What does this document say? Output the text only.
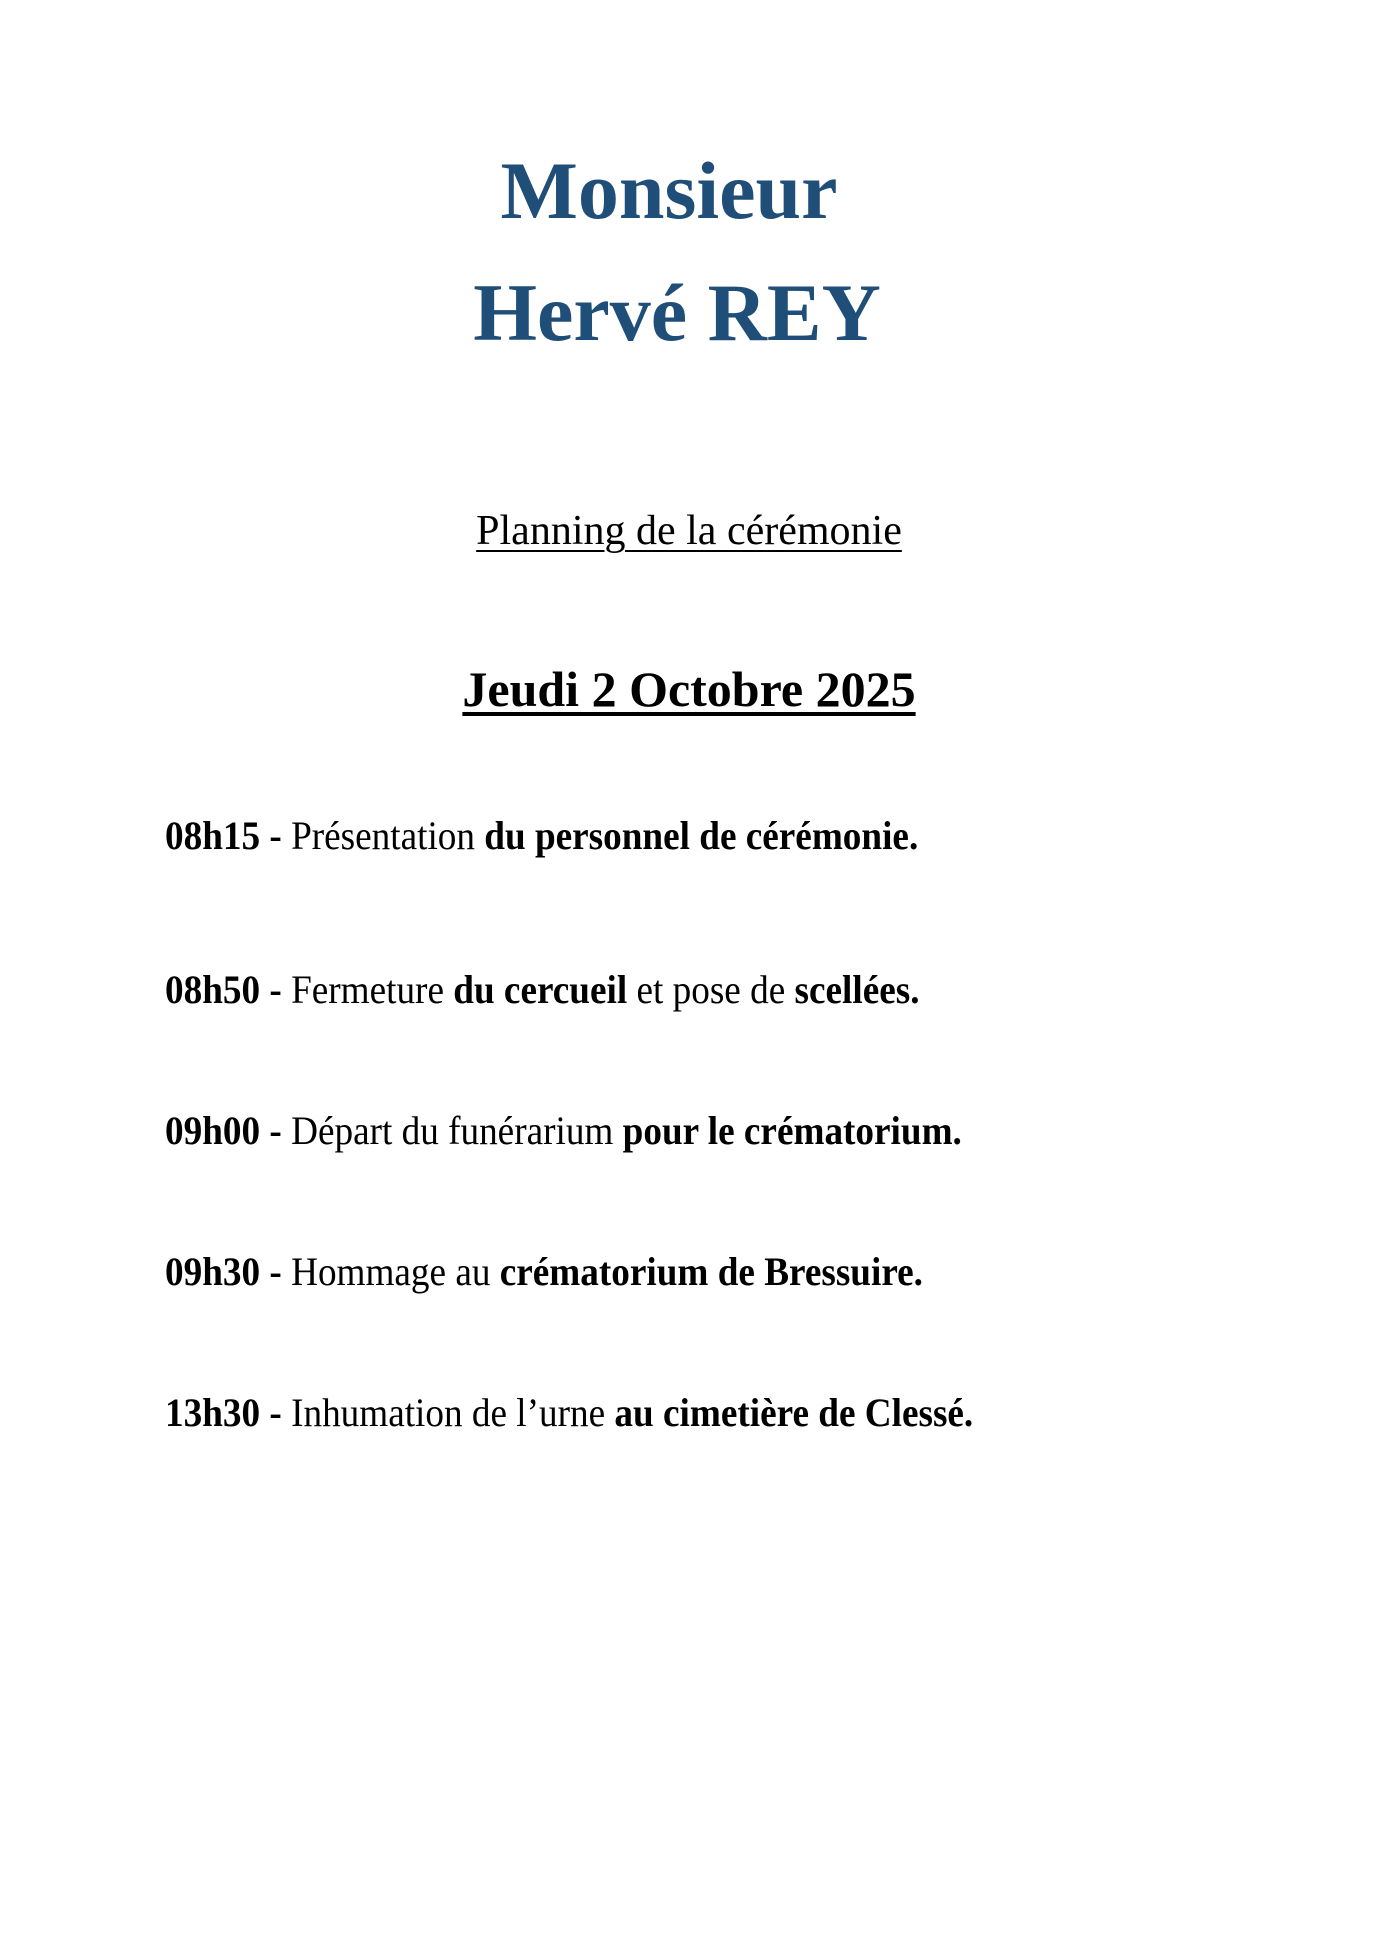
Monsieur
Hervé REY
Planning de la cérémonie
Jeudi 2 Octobre 2025
08h15 - Présentation du personnel de cérémonie.
08h50 - Fermeture du cercueil et pose de scellées.
09h00 - Départ du funérarium pour le crématorium.
09h30 - Hommage au crématorium de Bressuire.
13h30 - Inhumation de l’urne au cimetière de Clessé.
